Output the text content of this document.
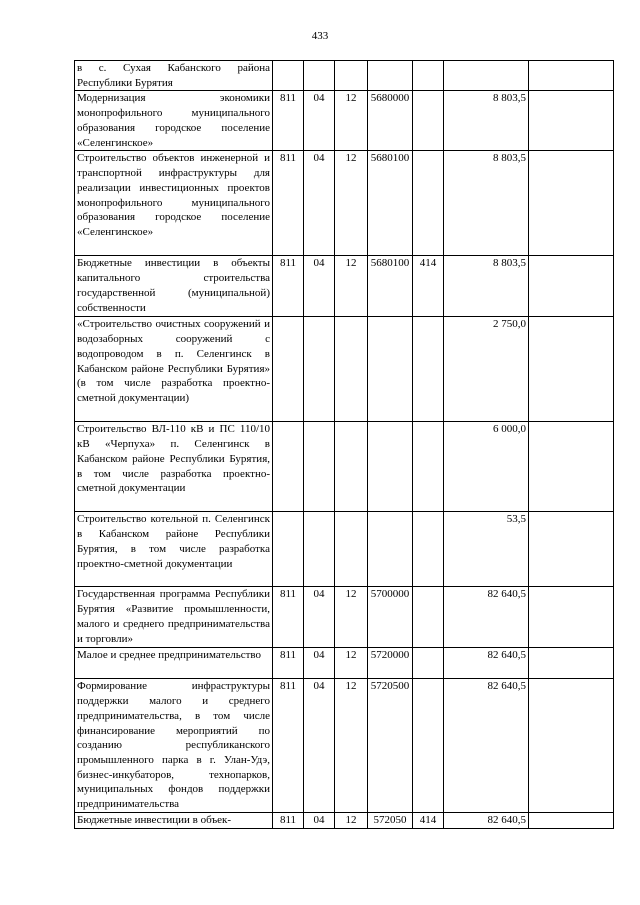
433
в с. Сухая Кабанского района Республики Бурятия							
Модернизация экономики монопрофильного муниципального образования городское поселение «Селенгинское»	811	04	12	5680000		8 803,5	
Строительство объектов инженерной и транспортной инфраструктуры для реализации инвестиционных проектов монопрофильного муниципального образования городское поселение «Селенгинское»	811	04	12	5680100		8 803,5	
Бюджетные инвестиции в объекты капитального строительства государственной (муниципальной) собственности	811	04	12	5680100	414	8 803,5	
«Строительство очистных сооружений и водозаборных сооружений с водопроводом в п. Селенгинск в Кабанском районе Республики Бурятия» (в том числе разработка проектно-сметной документации)						2 750,0	
Строительство ВЛ-110 кВ и ПС 110/10 кВ «Черпуха» п. Селенгинск в Кабанском районе Республики Бурятия, в том числе разработка проектно-сметной документации						6 000,0	
Строительство котельной п. Селенгинск в Кабанском районе Республики Бурятия, в том числе разработка проектно-сметной документации						53,5	
Государственная программа Республики Бурятия «Развитие промышленности, малого и среднего предпринимательства и торговли»	811	04	12	5700000		82 640,5	
Малое и среднее предпринимательство	811	04	12	5720000		82 640,5	
Формирование инфраструктуры поддержки малого и среднего предпринимательства, в том числе финансирование мероприятий по созданию республиканского промышленного парка в г. Улан-Удэ, бизнес-инкубаторов, технопарков, муниципальных фондов поддержки предпринимательства	811	04	12	5720500		82 640,5	
Бюджетные инвестиции в объек-	811	04	12	572050	414	82 640,5	
